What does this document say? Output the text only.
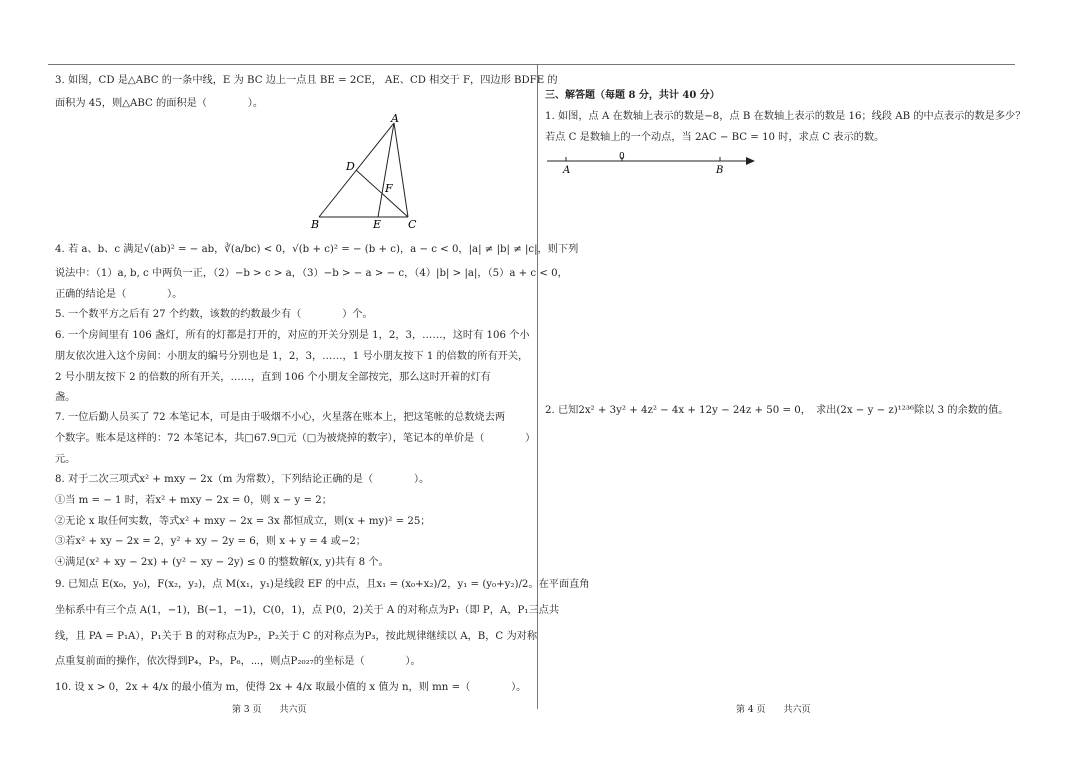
3. 如图，CD 是△ABC 的一条中线，E 为 BC 边上一点且 BE = 2CE， AE、CD 相交于 F，四边形 BDFE 的
面积为 45，则△ABC 的面积是（　　　　）。
A
B	C
D
E
F
4. 若 a、b、c 满足√(ab)² = − ab，∛(a/bc) < 0，√(b + c)² = − (b + c)，a − c < 0，|a| ≠ |b| ≠ |c|，则下列
说法中：（1）a, b, c 中两负一正，（2）−b > c > a，（3）−b > − a > − c，（4）|b| > |a|，（5）a + c < 0，
正确的结论是（　　　　）。
5. 一个数平方之后有 27 个约数，该数的约数最少有（　　　　）个。
6. 一个房间里有 106 盏灯，所有的灯都是打开的，对应的开关分别是 1，2，3，……，这时有 106 个小
朋友依次进入这个房间：小朋友的编号分别也是 1，2，3，……，1 号小朋友按下 1 的倍数的所有开关，
2 号小朋友按下 2 的倍数的所有开关，……，直到 106 个小朋友全部按完，那么这时开着的灯有
盏。
7. 一位后勤人员买了 72 本笔记本，可是由于吸烟不小心，火星落在账本上，把这笔帐的总数烧去两
个数字。账本是这样的：72 本笔记本，共□67.9□元（□为被烧掉的数字），笔记本的单价是（　　　　）
元。
8. 对于二次三项式x² + mxy − 2x（m 为常数），下列结论正确的是（　　　　）。
①当 m = − 1 时，若x² + mxy − 2x = 0，则 x − y = 2；
②无论 x 取任何实数，等式x² + mxy − 2x = 3x 都恒成立，则(x + my)² = 25；
③若x² + xy − 2x = 2，y² + xy − 2y = 6，则 x + y = 4 或−2；
④满足(x² + xy − 2x) + (y² − xy − 2y) ≤ 0 的整数解(x, y)共有 8 个。
9. 已知点 E(x₀，y₀)，F(x₂，y₂)，点 M(x₁，y₁)是线段 EF 的中点，且x₁ = (x₀+x₂)/2，y₁ = (y₀+y₂)/2。在平面直角
坐标系中有三个点 A(1，−1)，B(−1，−1)，C(0，1)，点 P(0，2)关于 A 的对称点为P₁（即 P，A，P₁三点共
线，且 PA = P₁A），P₁关于 B 的对称点为P₂，P₂关于 C 的对称点为P₃，按此规律继续以 A，B，C 为对称
点重复前面的操作，依次得到P₄，P₅，P₆，⋯，则点P₂₀₂₇的坐标是（　　　　）。
10. 设 x > 0，2x + 4/x 的最小值为 m，使得 2x + 4/x 取最小值的 x 值为 n，则 mn =（　　　　）。
第 3 页　　共六页
三、解答题（每题 8 分，共计 40 分）
1. 如图，点 A 在数轴上表示的数是−8，点 B 在数轴上表示的数是 16；线段 AB 的中点表示的数是多少？
若点 C 是数轴上的一个动点，当 2AC − BC = 10 时，求点 C 表示的数。
A
0
B
2. 已知2x² + 3y² + 4z² − 4x + 12y − 24z + 50 = 0，　求出(2x − y − z)¹²³⁶除以 3 的余数的值。
第 4 页　　共六页
